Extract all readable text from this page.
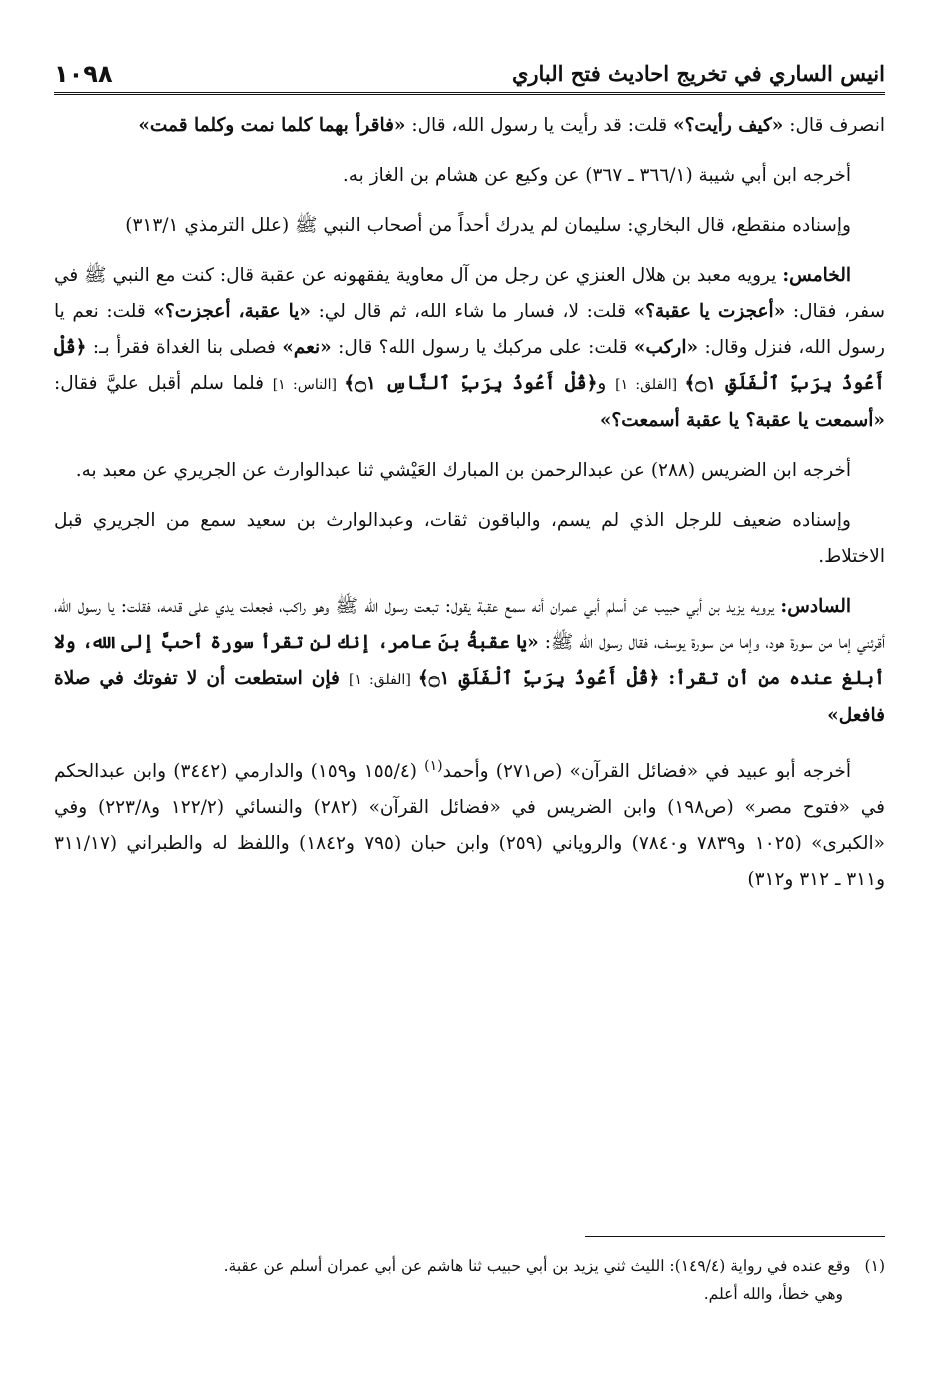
انيس الساري في تخريج احاديث فتح الباري
١٠٩٨

انصرف قال: «كيف رأيت؟» قلت: قد رأيت يا رسول الله، قال: «فاقرأ بهما كلما نمت وكلما قمت»

أخرجه ابن أبي شيبة (٣٦٦/١ ـ ٣٦٧) عن وكيع عن هشام بن الغاز به.

وإسناده منقطع، قال البخاري: سليمان لم يدرك أحداً من أصحاب النبي ﷺ (علل الترمذي ٣١٣/١)

الخامس: يرويه معبد بن هلال العنزي عن رجل من آل معاوية يفقهونه عن عقبة قال: كنت مع النبي ﷺ في سفر، فقال: «أعجزت يا عقبة؟» قلت: لا، فسار ما شاء الله، ثم قال لي: «يا عقبة، أعجزت؟» قلت: نعم يا رسول الله، فنزل وقال: «اركب» قلت: على مركبك يا رسول الله؟ قال: «نعم» فصلى بنا الغداة فقرأ بـ: ﴿قُلْ أَعُوذُ بِرَبِّ ٱلْفَلَقِ ۝١﴾ [الفلق: ١] و﴿قُلْ أَعُوذُ بِرَبِّ ٱلنَّاسِ ۝١﴾ [الناس: ١] فلما سلم أقبل عليَّ فقال: «أسمعت يا عقبة؟ يا عقبة أسمعت؟»

أخرجه ابن الضريس (٢٨٨) عن عبدالرحمن بن المبارك العَيْشي ثنا عبدالوارث عن الجريري عن معبد به.

وإسناده ضعيف للرجل الذي لم يسم، والباقون ثقات، وعبدالوارث بن سعيد سمع من الجريري قبل الاختلاط.

السادس: يرويه يزيد بن أبي حبيب عن أسلم أبي عمران أنه سمع عقبة يقول: تبعت رسول الله ﷺ وهو راكب، فجعلت يدي على قدمه، فقلت: يا رسول الله، أقرئني إما من سورة هود، وإما من سورة يوسف، فقال رسول الله ﷺ: «يا عقبةُ بنَ عامر، إنك لن تقرأ سورة أحبَّ إلى الله، ولا أبلغ عنده من أن تقرأ: ﴿قُلْ أَعُوذُ بِرَبِّ ٱلْفَلَقِ ۝١﴾ [الفلق: ١] فإن استطعت أن لا تفوتك في صلاة فافعل»

أخرجه أبو عبيد في «فضائل القرآن» (ص٢٧١) وأحمد$^{(١)}$ (١٥٥/٤ و١٥٩) والدارمي (٣٤٤٢) وابن عبدالحكم في «فتوح مصر» (ص١٩٨) وابن الضريس في «فضائل القرآن» (٢٨٢) والنسائي (١٢٢/٢ و٢٢٣/٨) وفي «الكبرى» (١٠٢٥ و٧٨٣٩ و٧٨٤٠) والروياني (٢٥٩) وابن حبان (٧٩٥ و١٨٤٢) واللفظ له والطبراني (٣١١/١٧ و٣١١ ـ ٣١٢ و٣١٢)

(١)وقع عنده في رواية (١٤٩/٤): الليث ثني يزيد بن أبي حبيب ثنا هاشم عن أبي عمران أسلم عن عقبة.
وهي خطأ، والله أعلم.
